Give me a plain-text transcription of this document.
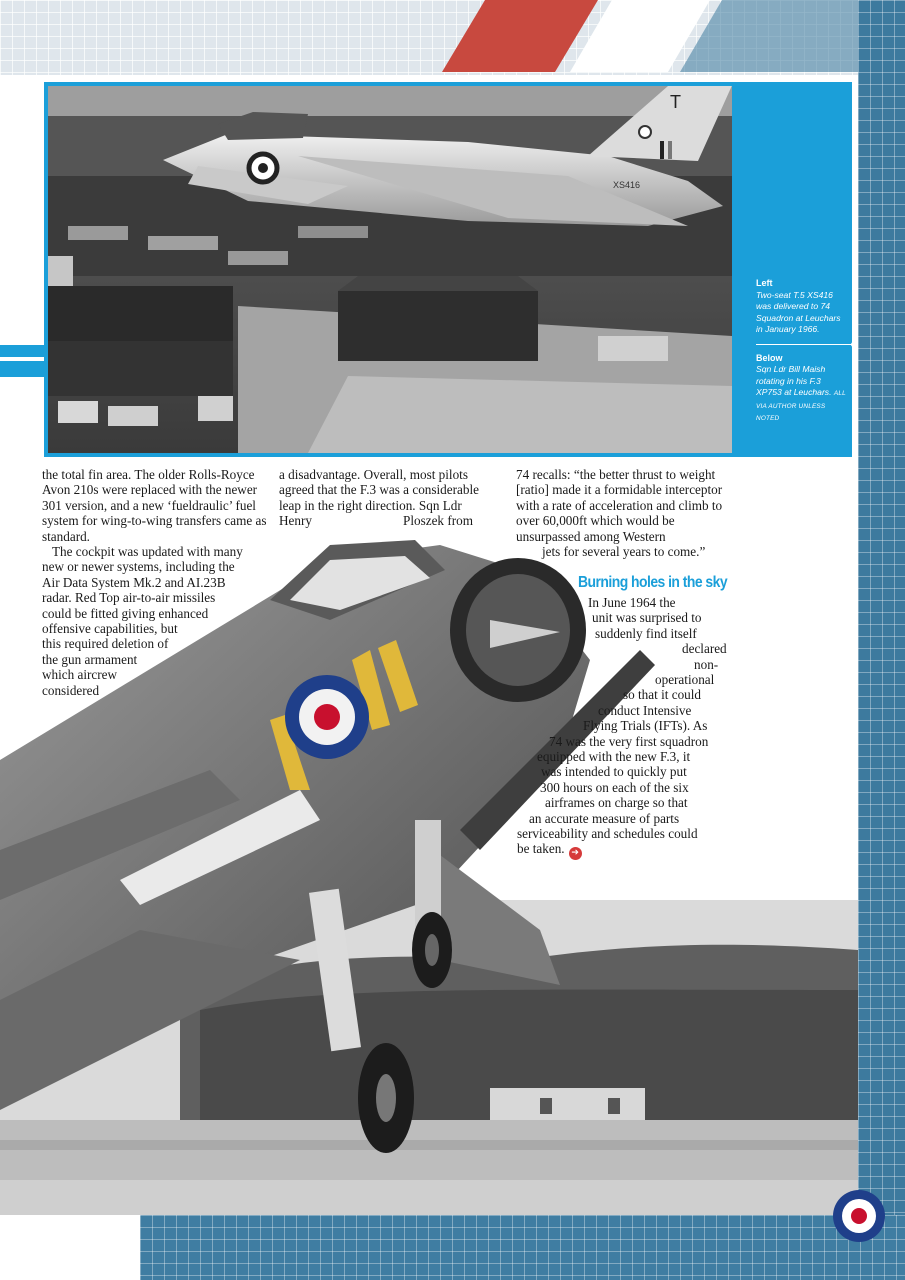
T
XS416
Left
Two-seat T.5 XS416 was delivered to 74 Squadron at Leuchars in January 1966.
Below
Sqn Ldr Bill Maish rotating in his F.3 XP753 at Leuchars. ALL VIA AUTHOR UNLESS NOTED
the total fin area. The older Rolls-Royce Avon 210s were replaced with the newer 301 version, and a new ‘fueldraulic’ fuel system for wing-to-wing transfers came as standard.
The cockpit was updated with many
new or newer systems, including the
Air Data System Mk.2 and AI.23B
radar. Red Top air-to-air missiles
could be fitted giving enhanced
offensive capabilities, but
this required deletion of
the gun armament
which aircrew
considered
a disadvantage. Overall, most pilots
agreed that the F.3 was a considerable
leap in the right direction. Sqn Ldr
Henry	Ploszek from
74 recalls: “the better thrust to weight [ratio] made it a formidable interceptor with a rate of acceleration and climb to over 60,000ft which would be unsurpassed among Western
jets for several years to come.”
Burning holes in the sky
In June 1964 the
unit was surprised to
suddenly find itself
declared
non-
operational
so that it could
conduct Intensive
Flying Trials (IFTs). As
74 was the very first squadron
equipped with the new F.3, it
was intended to quickly put
300 hours on each of the six
airframes on charge so that
an accurate measure of parts
serviceability and schedules could
be taken. ➔
